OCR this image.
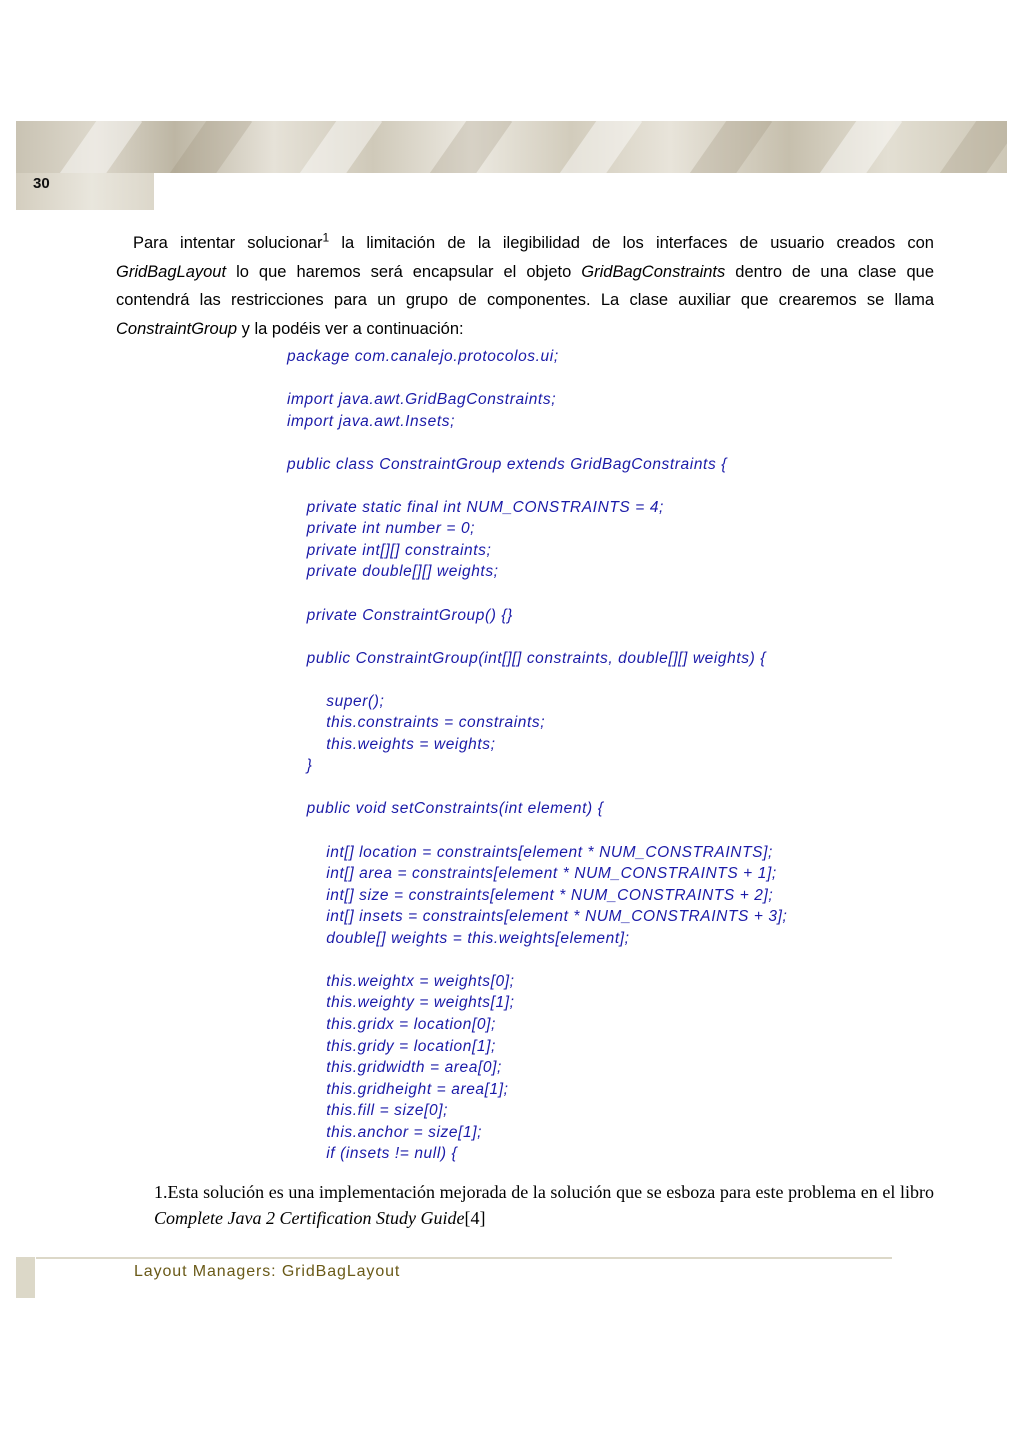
30

Para intentar solucionar$^1$ la limitación de la ilegibilidad de los interfaces de usuario creados con GridBagLayout lo que haremos será encapsular el objeto GridBagConstraints dentro de una clase que contendrá las restricciones para un grupo de componentes. La clase auxiliar que crearemos se llama ConstraintGroup y la podéis ver a continuación:

package com.canalejo.protocolos.ui;
import java.awt.GridBagConstraints;
import java.awt.Insets;
public class ConstraintGroup extends GridBagConstraints {
private static final int NUM_CONSTRAINTS = 4;
private int number = 0;
private int[][] constraints;
private double[][] weights;
private ConstraintGroup() {}
public ConstraintGroup(int[][] constraints, double[][] weights) {
super();
this.constraints = constraints;
this.weights = weights;
}
public void setConstraints(int element) {
int[] location = constraints[element * NUM_CONSTRAINTS];
int[] area = constraints[element * NUM_CONSTRAINTS + 1];
int[] size = constraints[element * NUM_CONSTRAINTS + 2];
int[] insets = constraints[element * NUM_CONSTRAINTS + 3];
double[] weights = this.weights[element];
this.weightx = weights[0];
this.weighty = weights[1];
this.gridx = location[0];
this.gridy = location[1];
this.gridwidth = area[0];
this.gridheight = area[1];
this.fill = size[0];
this.anchor = size[1];
if (insets != null) {

1.Esta solución es una implementación mejorada de la solución que se esboza para este problema en el libro Complete Java 2 Certification Study Guide[4]

Layout Managers: GridBagLayout
